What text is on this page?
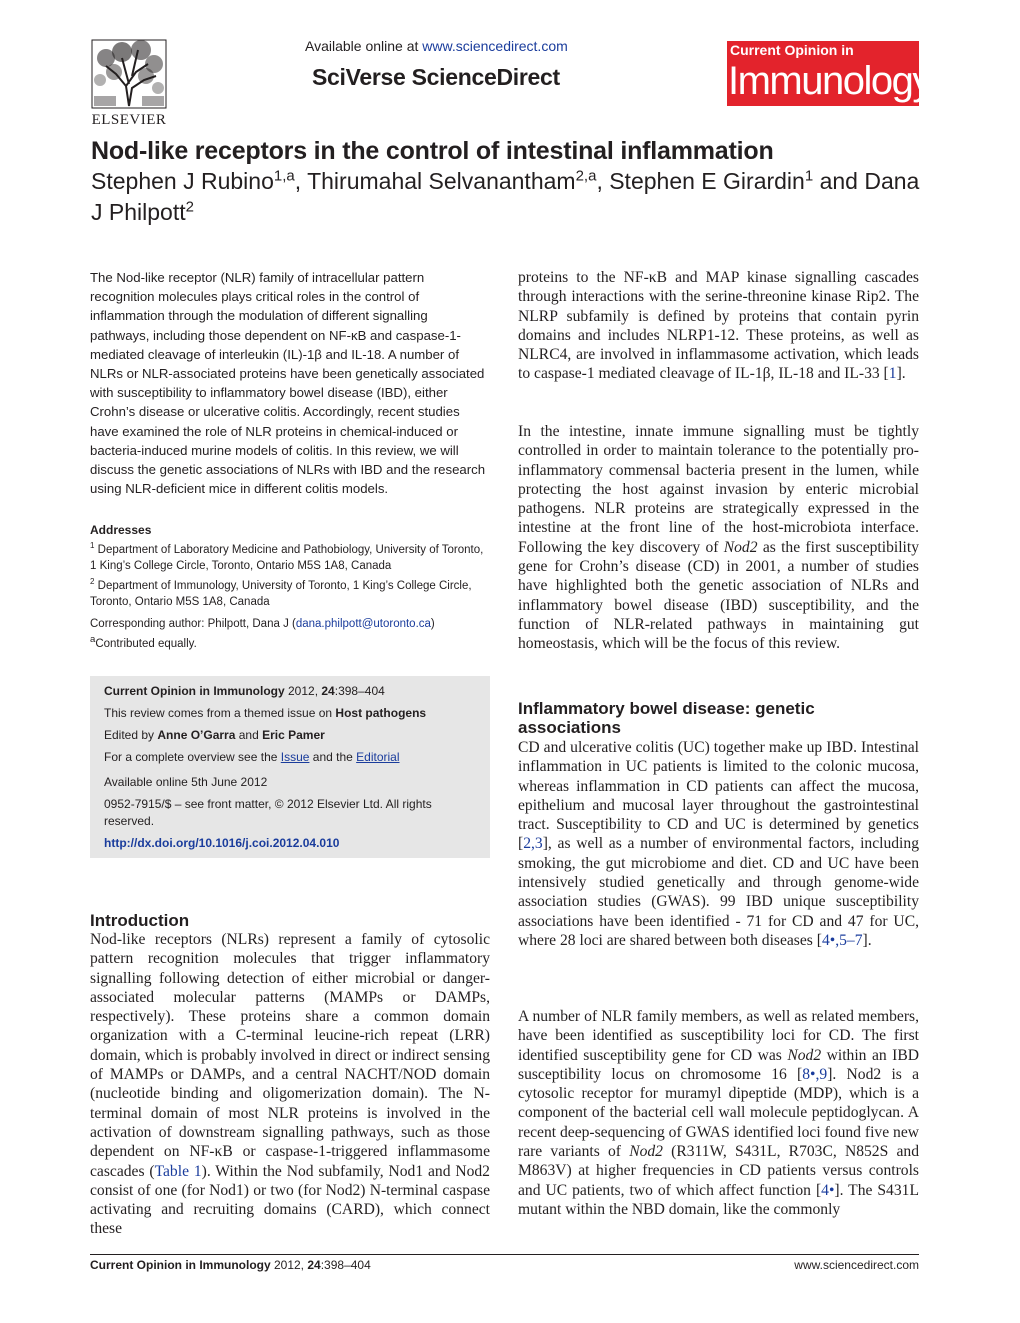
ELSEVIER
Available online at www.sciencedirect.com
SciVerse ScienceDirect
Current Opinion in
Immunology
Nod-like receptors in the control of intestinal inflammation
Stephen J Rubino$^{1,a}$, Thirumahal Selvanantham$^{2,a}$, Stephen E Girardin$^1$ and Dana J Philpott$^2$
The Nod-like receptor (NLR) family of intracellular pattern recognition molecules plays critical roles in the control of inflammation through the modulation of different signalling pathways, including those dependent on NF-κB and caspase-1-mediated cleavage of interleukin (IL)-1β and IL-18. A number of NLRs or NLR-associated proteins have been genetically associated with susceptibility to inflammatory bowel disease (IBD), either Crohn’s disease or ulcerative colitis. Accordingly, recent studies have examined the role of NLR proteins in chemical-induced or bacteria-induced murine models of colitis. In this review, we will discuss the genetic associations of NLRs with IBD and the research using NLR-deficient mice in different colitis models.
Addresses
$^1$ Department of Laboratory Medicine and Pathobiology, University of Toronto, 1 King’s College Circle, Toronto, Ontario M5S 1A8, Canada
$^2$ Department of Immunology, University of Toronto, 1 King’s College Circle, Toronto, Ontario M5S 1A8, Canada
Corresponding author: Philpott, Dana J (dana.philpott@utoronto.ca)
$^a$Contributed equally.
Current Opinion in Immunology 2012, 24:398–404
This review comes from a themed issue on Host pathogens
Edited by Anne O’Garra and Eric Pamer
For a complete overview see the Issue and the Editorial
Available online 5th June 2012
0952-7915/$ – see front matter, © 2012 Elsevier Ltd. All rights reserved.
http://dx.doi.org/10.1016/j.coi.2012.04.010
Introduction
Nod-like receptors (NLRs) represent a family of cytosolic pattern recognition molecules that trigger inflammatory signalling following detection of either microbial or danger-associated molecular patterns (MAMPs or DAMPs, respectively). These proteins share a common domain organization with a C-terminal leucine-rich repeat (LRR) domain, which is probably involved in direct or indirect sensing of MAMPs or DAMPs, and a central NACHT/NOD domain (nucleotide binding and oligomerization domain). The N-terminal domain of most NLR proteins is involved in the activation of downstream signalling pathways, such as those dependent on NF-κB or caspase-1-triggered inflammasome cascades (Table 1). Within the Nod subfamily, Nod1 and Nod2 consist of one (for Nod1) or two (for Nod2) N-terminal caspase activating and recruiting domains (CARD), which connect these
proteins to the NF-κB and MAP kinase signalling cascades through interactions with the serine-threonine kinase Rip2. The NLRP subfamily is defined by proteins that contain pyrin domains and includes NLRP1-12. These proteins, as well as NLRC4, are involved in inflammasome activation, which leads to caspase-1 mediated cleavage of IL-1β, IL-18 and IL-33 [1].
In the intestine, innate immune signalling must be tightly controlled in order to maintain tolerance to the potentially pro-inflammatory commensal bacteria present in the lumen, while protecting the host against invasion by enteric microbial pathogens. NLR proteins are strategically expressed in the intestine at the front line of the host-microbiota interface. Following the key discovery of Nod2 as the first susceptibility gene for Crohn’s disease (CD) in 2001, a number of studies have highlighted both the genetic association of NLRs and inflammatory bowel disease (IBD) susceptibility, and the function of NLR-related pathways in maintaining gut homeostasis, which will be the focus of this review.
Inflammatory bowel disease: genetic associations
CD and ulcerative colitis (UC) together make up IBD. Intestinal inflammation in UC patients is limited to the colonic mucosa, whereas inflammation in CD patients can affect the mucosa, epithelium and mucosal layer throughout the gastrointestinal tract. Susceptibility to CD and UC is determined by genetics [2,3], as well as a number of environmental factors, including smoking, the gut microbiome and diet. CD and UC have been intensively studied genetically and through genome-wide association studies (GWAS). 99 IBD unique susceptibility associations have been identified - 71 for CD and 47 for UC, where 28 loci are shared between both diseases [4•,5–7].
A number of NLR family members, as well as related members, have been identified as susceptibility loci for CD. The first identified susceptibility gene for CD was Nod2 within an IBD susceptibility locus on chromosome 16 [8•,9]. Nod2 is a cytosolic receptor for muramyl dipeptide (MDP), which is a component of the bacterial cell wall molecule peptidoglycan. A recent deep-sequencing of GWAS identified loci found five new rare variants of Nod2 (R311W, S431L, R703C, N852S and M863V) at higher frequencies in CD patients versus controls and UC patients, two of which affect function [4•]. The S431L mutant within the NBD domain, like the commonly
Current Opinion in Immunology 2012, 24:398–404	www.sciencedirect.com
